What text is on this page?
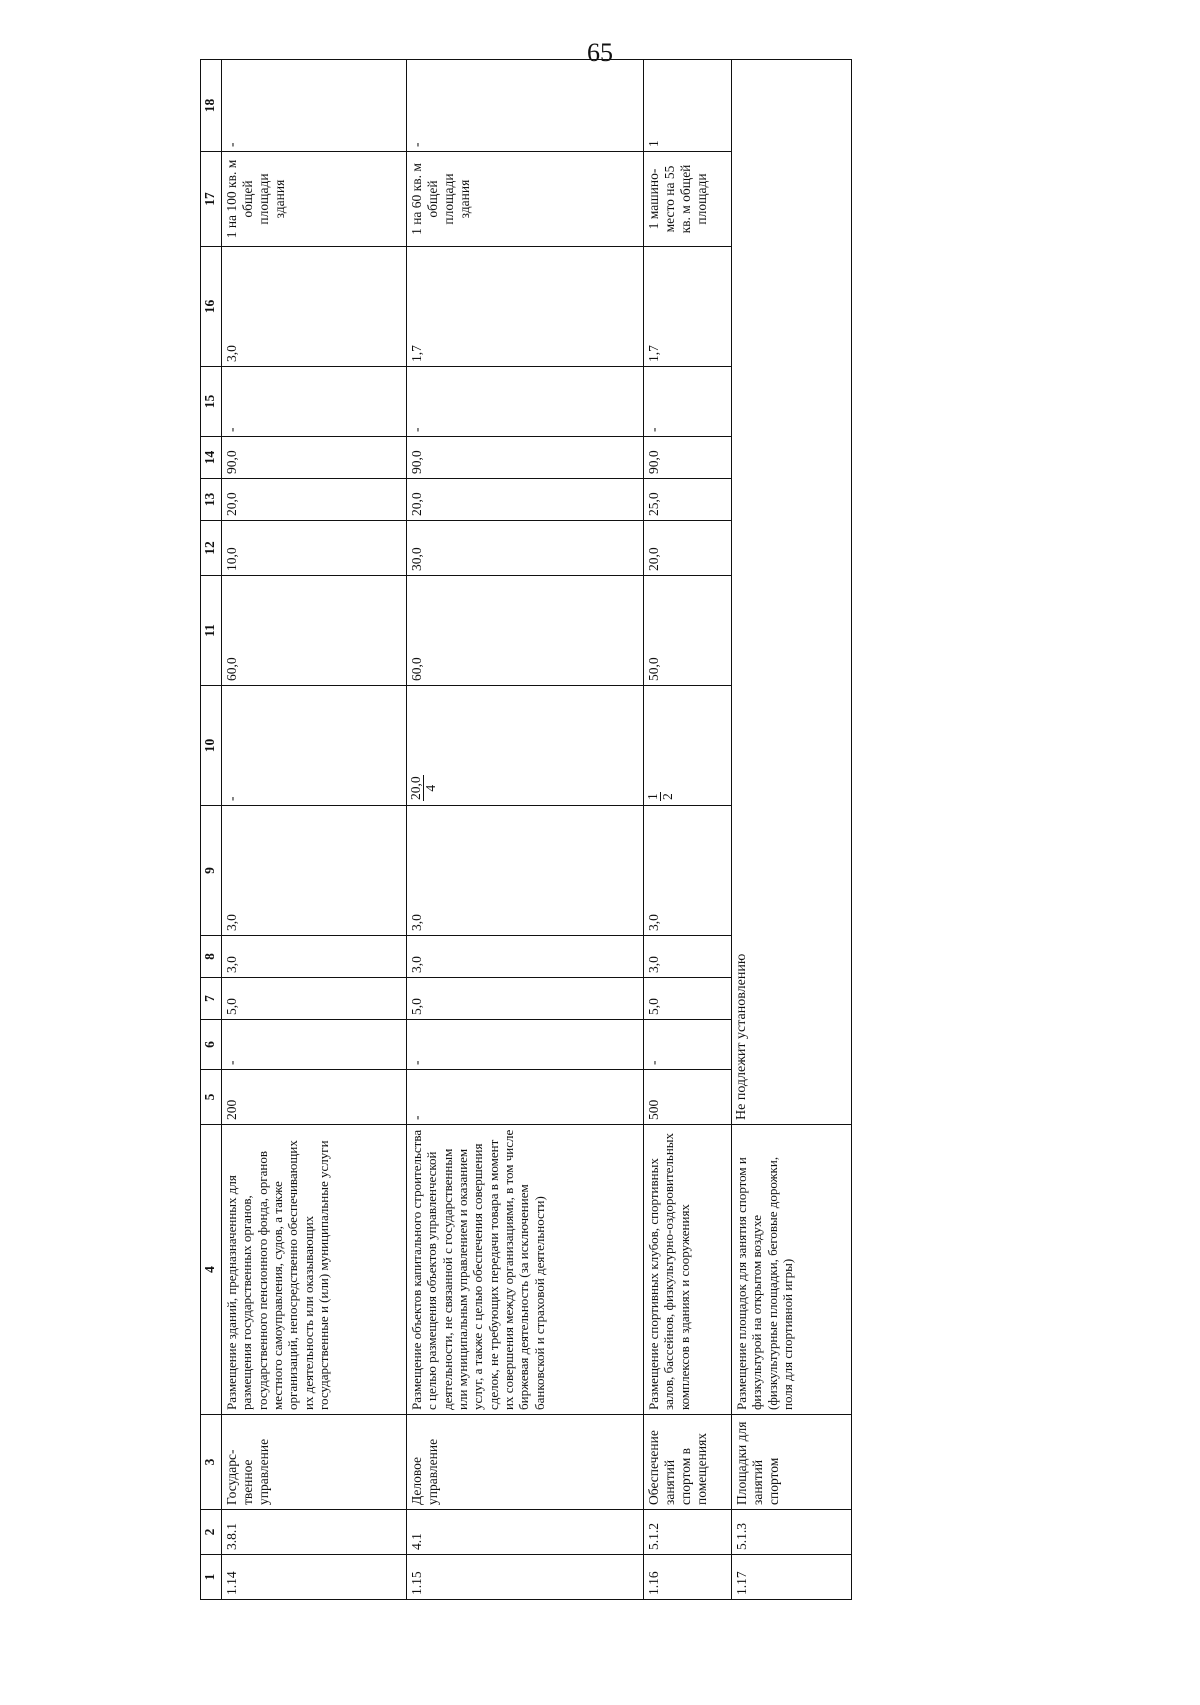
65
1	2	3	4	5	6	7	8	9	10	11	12	13	14	15	16	17	18
1.14	3.8.1	Государс-твенное управление	Размещение зданий, предназначенных для размещения государственных органов, государственного пенсионного фонда, органов местного самоуправления, судов, а также организаций, непосредственно обеспечивающих их деятельность или оказывающих государственные и (или) муниципальные услуги	200	-	5,0	3,0	3,0	-	60,0	10,0	20,0	90,0	-	3,0	1 на 100 кв. м общей площади здания	-
1.15	4.1	Деловое управление	Размещение объектов капитального строительства с целью размещения объектов управленческой деятельности, не связанной с государственным или муниципальным управлением и оказанием услуг, а также с целью обеспечения совершения сделок, не требующих передачи товара в момент их совершения между организациями, в том числе биржевая деятельность (за исключением банковской и страховой деятельности)	-	-	5,0	3,0	3,0	20,0 4	60,0	30,0	20,0	90,0	-	1,7	1 на 60 кв. м общей площади здания	-
1.16	5.1.2	Обеспечение занятий спортом в помещениях	Размещение спортивных клубов, спортивных залов, бассейнов, физкультурно-оздоровительных комплексов в зданиях и сооружениях	500	-	5,0	3,0	3,0	1 2	50,0	20,0	25,0	90,0	-	1,7	1 машино-место на 55 кв. м общей площади	1
1.17	5.1.3	Площадки для занятий спортом	Размещение площадок для занятия спортом и физкультурой на открытом воздухе (физкультурные площадки, беговые дорожки, поля для спортивной игры)	Не подлежит установлению													
